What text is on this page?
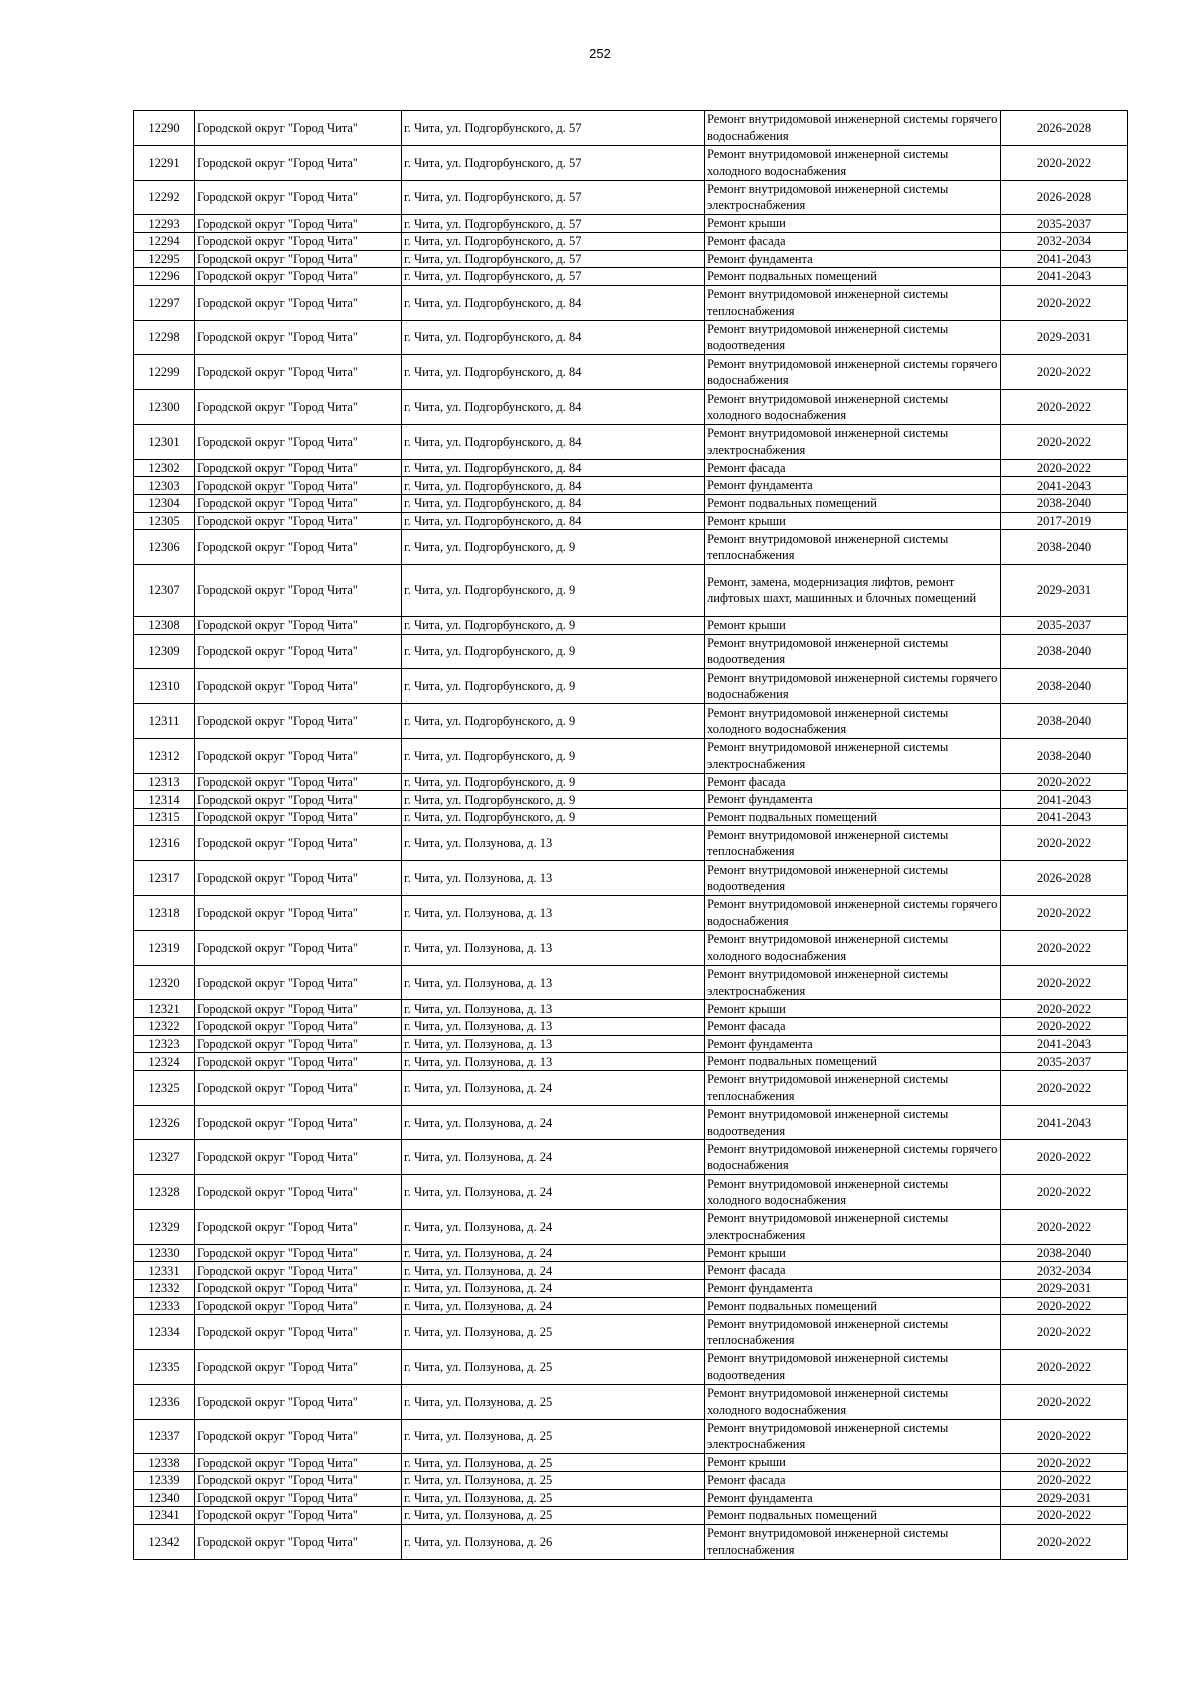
252
12290	Городской округ "Город Чита"	г. Чита, ул. Подгорбунского, д. 57	Ремонт внутридомовой инженерной системы горячего водоснабжения	2026-2028
12291	Городской округ "Город Чита"	г. Чита, ул. Подгорбунского, д. 57	Ремонт внутридомовой инженерной системы холодного водоснабжения	2020-2022
12292	Городской округ "Город Чита"	г. Чита, ул. Подгорбунского, д. 57	Ремонт внутридомовой инженерной системы электроснабжения	2026-2028
12293	Городской округ "Город Чита"	г. Чита, ул. Подгорбунского, д. 57	Ремонт крыши	2035-2037
12294	Городской округ "Город Чита"	г. Чита, ул. Подгорбунского, д. 57	Ремонт фасада	2032-2034
12295	Городской округ "Город Чита"	г. Чита, ул. Подгорбунского, д. 57	Ремонт фундамента	2041-2043
12296	Городской округ "Город Чита"	г. Чита, ул. Подгорбунского, д. 57	Ремонт подвальных помещений	2041-2043
12297	Городской округ "Город Чита"	г. Чита, ул. Подгорбунского, д. 84	Ремонт внутридомовой инженерной системы теплоснабжения	2020-2022
12298	Городской округ "Город Чита"	г. Чита, ул. Подгорбунского, д. 84	Ремонт внутридомовой инженерной системы водоотведения	2029-2031
12299	Городской округ "Город Чита"	г. Чита, ул. Подгорбунского, д. 84	Ремонт внутридомовой инженерной системы горячего водоснабжения	2020-2022
12300	Городской округ "Город Чита"	г. Чита, ул. Подгорбунского, д. 84	Ремонт внутридомовой инженерной системы холодного водоснабжения	2020-2022
12301	Городской округ "Город Чита"	г. Чита, ул. Подгорбунского, д. 84	Ремонт внутридомовой инженерной системы электроснабжения	2020-2022
12302	Городской округ "Город Чита"	г. Чита, ул. Подгорбунского, д. 84	Ремонт фасада	2020-2022
12303	Городской округ "Город Чита"	г. Чита, ул. Подгорбунского, д. 84	Ремонт фундамента	2041-2043
12304	Городской округ "Город Чита"	г. Чита, ул. Подгорбунского, д. 84	Ремонт подвальных помещений	2038-2040
12305	Городской округ "Город Чита"	г. Чита, ул. Подгорбунского, д. 84	Ремонт крыши	2017-2019
12306	Городской округ "Город Чита"	г. Чита, ул. Подгорбунского, д. 9	Ремонт внутридомовой инженерной системы теплоснабжения	2038-2040
12307	Городской округ "Город Чита"	г. Чита, ул. Подгорбунского, д. 9	Ремонт, замена, модернизация лифтов, ремонт лифтовых шахт, машинных и блочных помещений	2029-2031
12308	Городской округ "Город Чита"	г. Чита, ул. Подгорбунского, д. 9	Ремонт крыши	2035-2037
12309	Городской округ "Город Чита"	г. Чита, ул. Подгорбунского, д. 9	Ремонт внутридомовой инженерной системы водоотведения	2038-2040
12310	Городской округ "Город Чита"	г. Чита, ул. Подгорбунского, д. 9	Ремонт внутридомовой инженерной системы горячего водоснабжения	2038-2040
12311	Городской округ "Город Чита"	г. Чита, ул. Подгорбунского, д. 9	Ремонт внутридомовой инженерной системы холодного водоснабжения	2038-2040
12312	Городской округ "Город Чита"	г. Чита, ул. Подгорбунского, д. 9	Ремонт внутридомовой инженерной системы электроснабжения	2038-2040
12313	Городской округ "Город Чита"	г. Чита, ул. Подгорбунского, д. 9	Ремонт фасада	2020-2022
12314	Городской округ "Город Чита"	г. Чита, ул. Подгорбунского, д. 9	Ремонт фундамента	2041-2043
12315	Городской округ "Город Чита"	г. Чита, ул. Подгорбунского, д. 9	Ремонт подвальных помещений	2041-2043
12316	Городской округ "Город Чита"	г. Чита, ул. Ползунова, д. 13	Ремонт внутридомовой инженерной системы теплоснабжения	2020-2022
12317	Городской округ "Город Чита"	г. Чита, ул. Ползунова, д. 13	Ремонт внутридомовой инженерной системы водоотведения	2026-2028
12318	Городской округ "Город Чита"	г. Чита, ул. Ползунова, д. 13	Ремонт внутридомовой инженерной системы горячего водоснабжения	2020-2022
12319	Городской округ "Город Чита"	г. Чита, ул. Ползунова, д. 13	Ремонт внутридомовой инженерной системы холодного водоснабжения	2020-2022
12320	Городской округ "Город Чита"	г. Чита, ул. Ползунова, д. 13	Ремонт внутридомовой инженерной системы электроснабжения	2020-2022
12321	Городской округ "Город Чита"	г. Чита, ул. Ползунова, д. 13	Ремонт крыши	2020-2022
12322	Городской округ "Город Чита"	г. Чита, ул. Ползунова, д. 13	Ремонт фасада	2020-2022
12323	Городской округ "Город Чита"	г. Чита, ул. Ползунова, д. 13	Ремонт фундамента	2041-2043
12324	Городской округ "Город Чита"	г. Чита, ул. Ползунова, д. 13	Ремонт подвальных помещений	2035-2037
12325	Городской округ "Город Чита"	г. Чита, ул. Ползунова, д. 24	Ремонт внутридомовой инженерной системы теплоснабжения	2020-2022
12326	Городской округ "Город Чита"	г. Чита, ул. Ползунова, д. 24	Ремонт внутридомовой инженерной системы водоотведения	2041-2043
12327	Городской округ "Город Чита"	г. Чита, ул. Ползунова, д. 24	Ремонт внутридомовой инженерной системы горячего водоснабжения	2020-2022
12328	Городской округ "Город Чита"	г. Чита, ул. Ползунова, д. 24	Ремонт внутридомовой инженерной системы холодного водоснабжения	2020-2022
12329	Городской округ "Город Чита"	г. Чита, ул. Ползунова, д. 24	Ремонт внутридомовой инженерной системы электроснабжения	2020-2022
12330	Городской округ "Город Чита"	г. Чита, ул. Ползунова, д. 24	Ремонт крыши	2038-2040
12331	Городской округ "Город Чита"	г. Чита, ул. Ползунова, д. 24	Ремонт фасада	2032-2034
12332	Городской округ "Город Чита"	г. Чита, ул. Ползунова, д. 24	Ремонт фундамента	2029-2031
12333	Городской округ "Город Чита"	г. Чита, ул. Ползунова, д. 24	Ремонт подвальных помещений	2020-2022
12334	Городской округ "Город Чита"	г. Чита, ул. Ползунова, д. 25	Ремонт внутридомовой инженерной системы теплоснабжения	2020-2022
12335	Городской округ "Город Чита"	г. Чита, ул. Ползунова, д. 25	Ремонт внутридомовой инженерной системы водоотведения	2020-2022
12336	Городской округ "Город Чита"	г. Чита, ул. Ползунова, д. 25	Ремонт внутридомовой инженерной системы холодного водоснабжения	2020-2022
12337	Городской округ "Город Чита"	г. Чита, ул. Ползунова, д. 25	Ремонт внутридомовой инженерной системы электроснабжения	2020-2022
12338	Городской округ "Город Чита"	г. Чита, ул. Ползунова, д. 25	Ремонт крыши	2020-2022
12339	Городской округ "Город Чита"	г. Чита, ул. Ползунова, д. 25	Ремонт фасада	2020-2022
12340	Городской округ "Город Чита"	г. Чита, ул. Ползунова, д. 25	Ремонт фундамента	2029-2031
12341	Городской округ "Город Чита"	г. Чита, ул. Ползунова, д. 25	Ремонт подвальных помещений	2020-2022
12342	Городской округ "Город Чита"	г. Чита, ул. Ползунова, д. 26	Ремонт внутридомовой инженерной системы теплоснабжения	2020-2022
